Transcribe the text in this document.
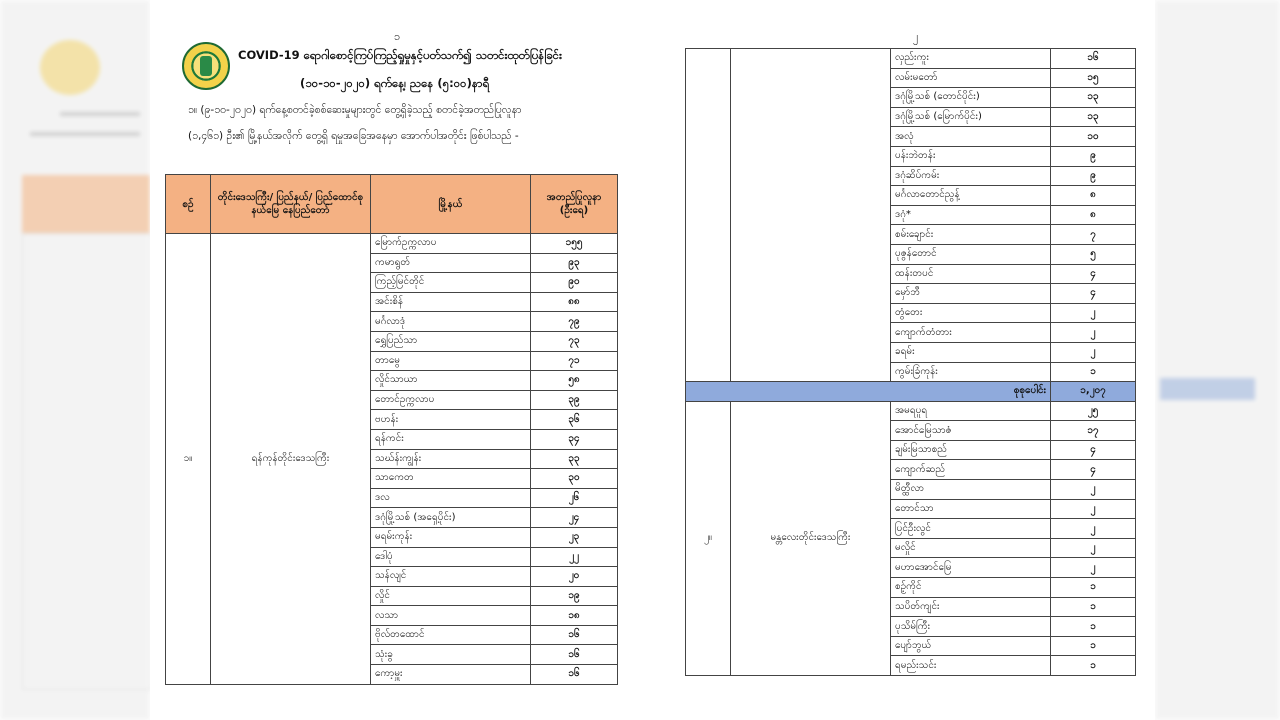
၁
COVID-19 ရောဂါစောင့်ကြပ်ကြည့်ရှုမှုနှင့်ပတ်သက်၍ သတင်းထုတ်ပြန်ခြင်း
(၁၀-၁၀-၂၀၂၀) ရက်နေ့၊ ညနေ (၅:၀၀)နာရီ
၁။ (၉-၁၀-၂၀၂၀) ရက်နေ့စတင်ခဲ့စစ်ဆေးမှုများတွင် တွေ့ရှိခဲ့သည့် စတင်ခဲ့အတည်ပြုလူနာ
(၁,၄၆၁) ဦး၏ မြို့နယ်အလိုက် တွေ့ရှိ ရမှုအခြေအနေမှာ အောက်ပါအတိုင်း ဖြစ်ပါသည် -
စဉ်	တိုင်းဒေသကြီး/ ပြည်နယ်/ ပြည်ထောင်စုနယ်မြေ နေပြည်တော်	မြို့နယ်	အတည်ပြုလူနာ (ဦးရေ)
၁။	ရန်ကုန်တိုင်းဒေသကြီး	မြောက်ဥက္ကလာပ	၁၅၅
		ကမာရွတ်	၉၃
		ကြည့်မြင်တိုင်	၉၀
		အင်းစိန်	၈၈
		မင်္ဂလာဒုံ	၇၉
		ရွှေပြည်သာ	၇၃
		တာမွေ	၇၁
		လှိုင်သာယာ	၅၈
		တောင်ဥက္ကလာပ	၃၉
		ဗဟန်း	၃၆
		ရန်ကင်း	၃၄
		သဃ်န်းကျွန်း	၃၃
		သာကေတ	၃၀
		ဒလ	၂၆
		ဒဂုံမြို့သစ် (အရှေ့ပိုင်း)	၂၄
		မရမ်းကုန်း	၂၃
		ဒေါပုံ	၂၂
		သန်လျင်	၂၀
		လှိုင်	၁၉
		လသာ	၁၈
		ဗိုလ်တထောင်	၁၆
		သုံးခွ	၁၆
		ကော့မှူး	၁၆
၂
		လှည်းကူး	၁၆
		လမ်းမတော်	၁၅
		ဒဂုံမြို့သစ် (တောင်ပိုင်း)	၁၃
		ဒဂုံမြို့သစ် (မြောက်ပိုင်း)	၁၃
		အလုံ	၁၀
		ပန်းဘဲတန်း	၉
		ဒဂုံဆိပ်ကမ်း	၉
		မင်္ဂလာတောင်ညွန့်	၈
		ဒဂုံ*	၈
		စမ်းချောင်း	၇
		ပုဇွန်တောင်	၅
		ထန်းတပင်	၄
		မှော်ဘီ	၄
		တွံတေး	၂
		ကျောက်တံတား	၂
		ခရမ်း	၂
		ကွမ်းခြံကုန်း	၁
စုစုပေါင်း			၁,၂၀၇
၂။	မန္တလေးတိုင်းဒေသကြီး	အမရပူရ	၂၅
		အောင်မြေသာဇံ	၁၇
		ချမ်းမြသာစည်	၄
		ကျောက်ဆည်	၄
		မိတ္ထီလာ	၂
		တောင်သာ	၂
		ပြင်ဦးလွင်	၂
		မလှိုင်	၂
		မဟာအောင်မြေ	၂
		စဉ့်ကိုင်	၁
		သပိတ်ကျင်း	၁
		ပုသိမ်ကြီး	၁
		ပျော်ဘွယ်	၁
		ရမည်းသင်း	၁
